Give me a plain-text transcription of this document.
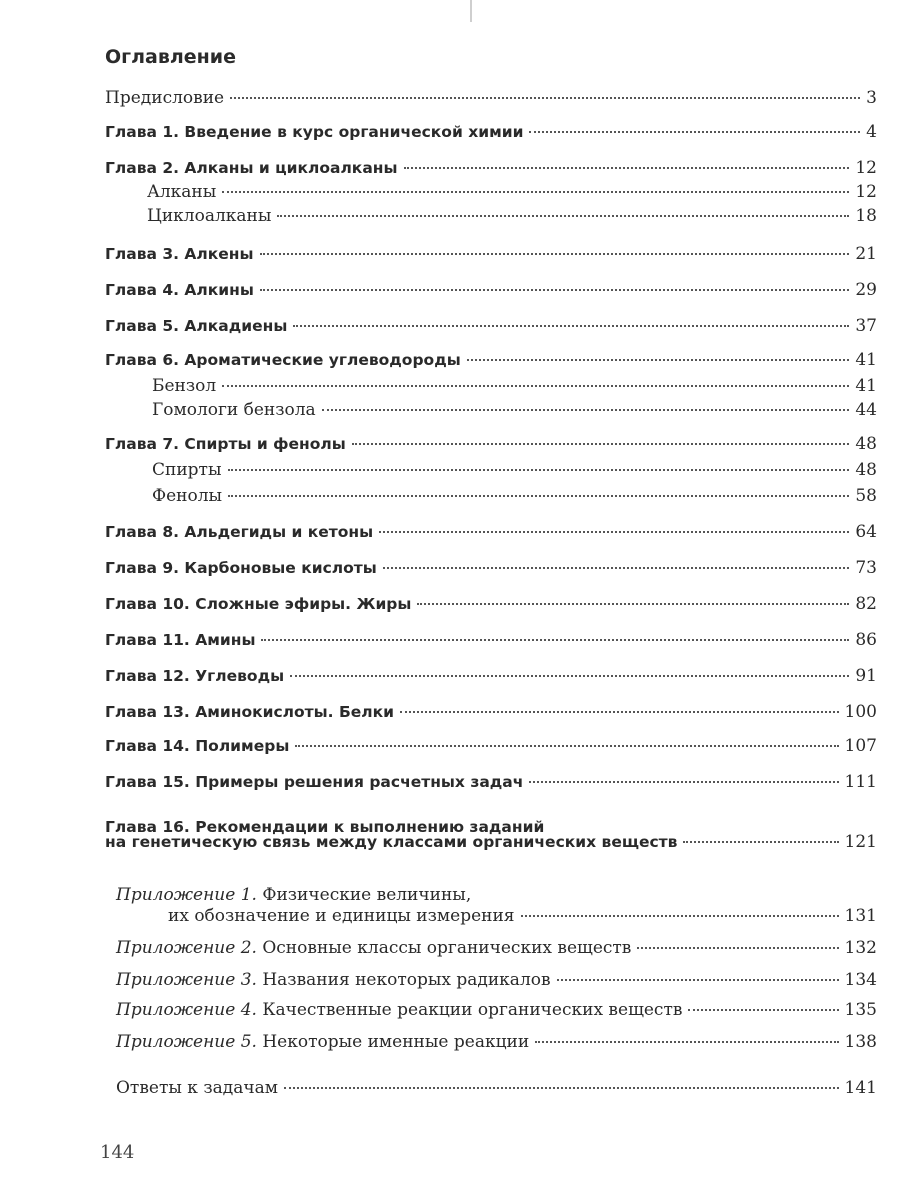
Оглавление
Предисловие	3
Глава 1. Введение в курс органической химии	4
Глава 2. Алканы и циклоалканы	12
Алканы	12
Циклоалканы	18
Глава 3. Алкены	21
Глава 4. Алкины	29
Глава 5. Алкадиены	37
Глава 6. Ароматические углеводороды	41
Бензол	41
Гомологи бензола	44
Глава 7. Спирты и фенолы	48
Спирты	48
Фенолы	58
Глава 8. Альдегиды и кетоны	64
Глава 9. Карбоновые кислоты	73
Глава 10. Сложные эфиры. Жиры	82
Глава 11. Амины	86
Глава 12. Углеводы	91
Глава 13. Аминокислоты. Белки	100
Глава 14. Полимеры	107
Глава 15. Примеры решения расчетных задач	111
Глава 16. Рекомендации к выполнению заданий
на генетическую связь между классами органических веществ	121
Приложение 1. Физические величины,
их обозначение и единицы измерения	131
Приложение 2. Основные классы органических веществ	132
Приложение 3. Названия некоторых радикалов	134
Приложение 4. Качественные реакции органических веществ	135
Приложение 5. Некоторые именные реакции	138
Ответы к задачам	141
144
